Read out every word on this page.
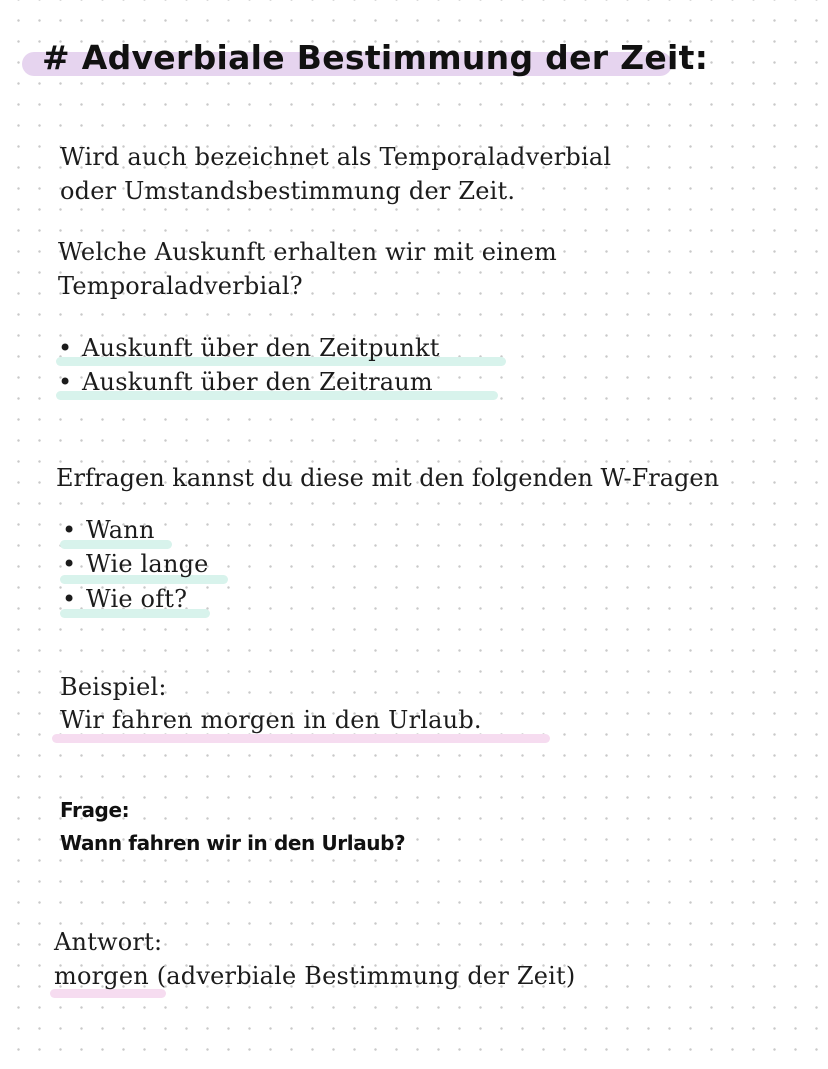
# Adverbiale Bestimmung der Zeit:
Wird auch bezeichnet als Temporaladverbial
oder Umstandsbestimmung der Zeit.
Welche Auskunft erhalten wir mit einem
Temporaladverbial?
• Auskunft über den Zeitpunkt
• Auskunft über den Zeitraum
Erfragen kannst du diese mit den folgenden W-Fragen
• Wann
• Wie lange
• Wie oft?
Beispiel:
Wir fahren morgen in den Urlaub.
Frage:
Wann fahren wir in den Urlaub?
Antwort:
morgen (adverbiale Bestimmung der Zeit)
